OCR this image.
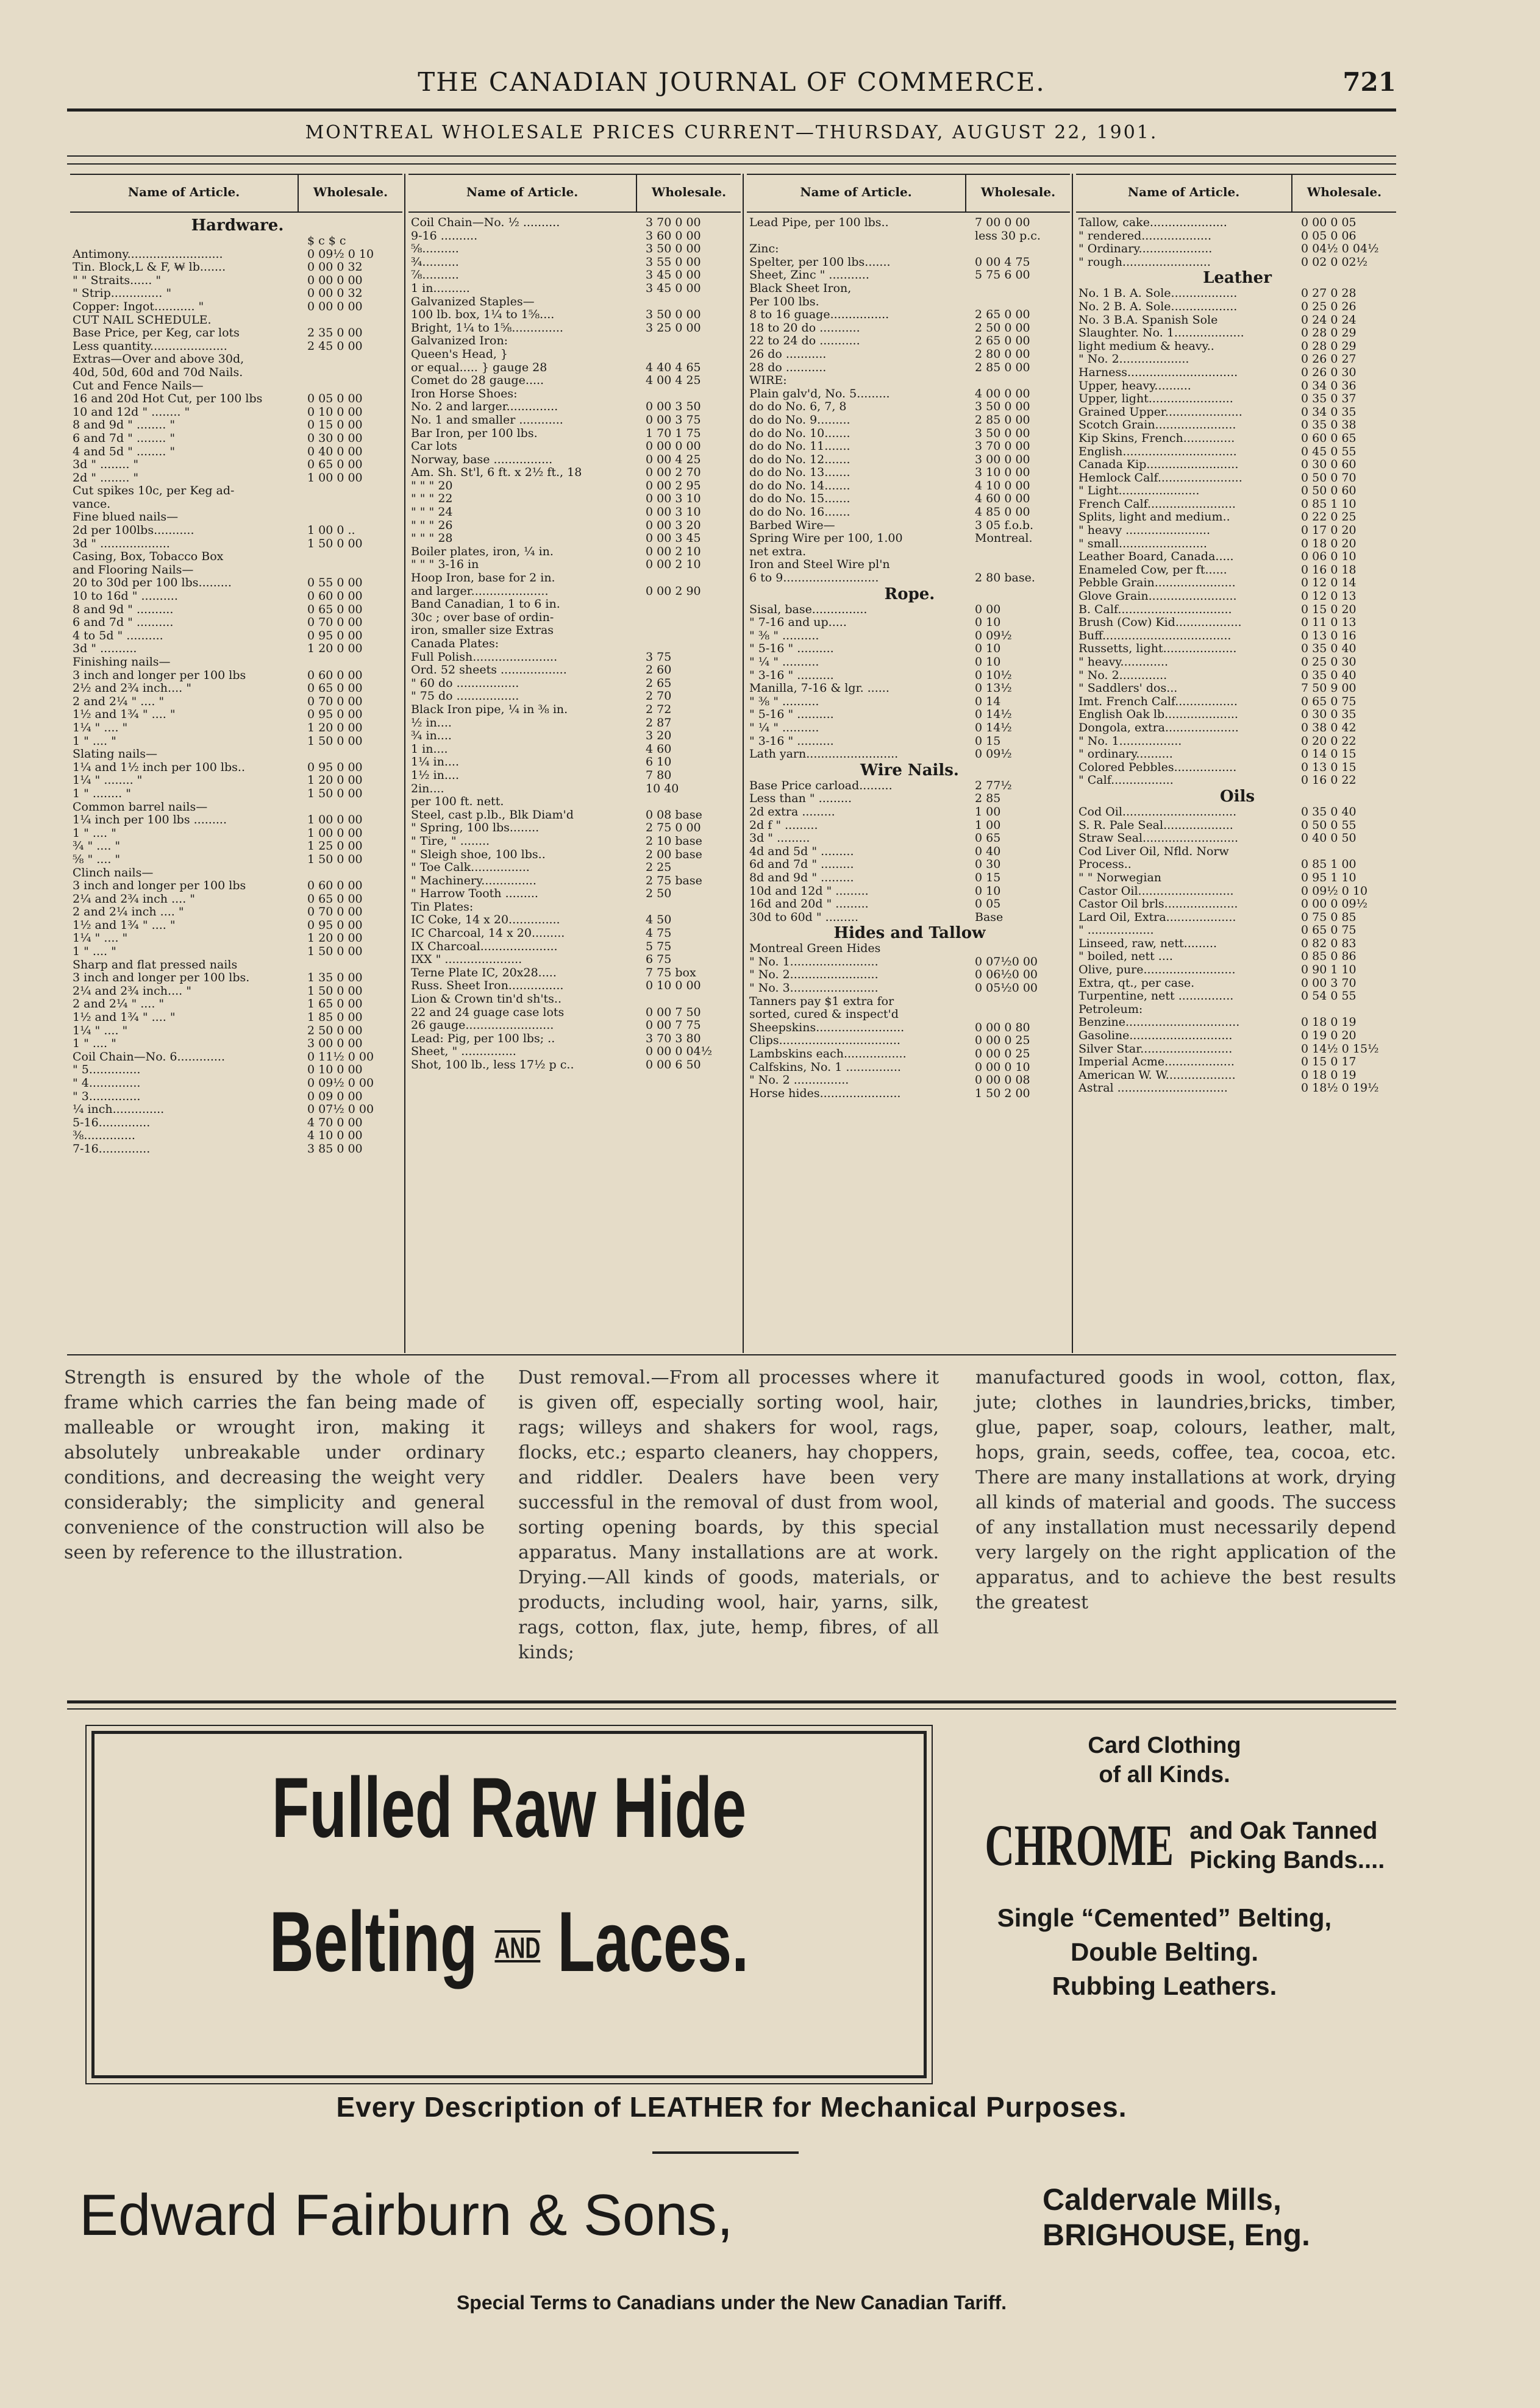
THE CANADIAN JOURNAL OF COMMERCE.	721
MONTREAL WHOLESALE PRICES CURRENT—THURSDAY, AUGUST 22, 1901.
Name of Article.	Wholesale.
Hardware.
$ c $ c
Antimony..........................	0 09½ 0 10
Tin. Block,L & F, ₩ lb.......	0 00 0 32
" " Straits...... "	0 00 0 00
" Strip.............. "	0 00 0 32
Copper: Ingot........... "	0 00 0 00
CUT NAIL SCHEDULE.
Base Price, per Keg, car lots	2 35 0 00
Less quantity.....................	2 45 0 00
Extras—Over and above 30d,
40d, 50d, 60d and 70d Nails.
Cut and Fence Nails—
16 and 20d Hot Cut, per 100 lbs	0 05 0 00
10 and 12d " ........ "	0 10 0 00
8 and 9d " ........ "	0 15 0 00
6 and 7d " ........ "	0 30 0 00
4 and 5d " ........ "	0 40 0 00
3d " ........ "	0 65 0 00
2d " ........ "	1 00 0 00
Cut spikes 10c, per Keg ad-
vance.
Fine blued nails—
2d per 100lbs...........	1 00 0 ..
3d " ...................	1 50 0 00
Casing, Box, Tobacco Box
and Flooring Nails—
20 to 30d per 100 lbs.........	0 55 0 00
10 to 16d " ..........	0 60 0 00
8 and 9d " ..........	0 65 0 00
6 and 7d " ..........	0 70 0 00
4 to 5d " ..........	0 95 0 00
3d " ..........	1 20 0 00
Finishing nails—
3 inch and longer per 100 lbs	0 60 0 00
2½ and 2¾ inch.... "	0 65 0 00
2 and 2¼ " .... "	0 70 0 00
1½ and 1¾ " .... "	0 95 0 00
1¼ " .... "	1 20 0 00
1 " .... "	1 50 0 00
Slating nails—
1¼ and 1½ inch per 100 lbs..	0 95 0 00
1¼ " ........ "	1 20 0 00
1 " ........ "	1 50 0 00
Common barrel nails—
1¼ inch per 100 lbs .........	1 00 0 00
1 " .... "	1 00 0 00
¾ " .... "	1 25 0 00
⅝ " .... "	1 50 0 00
Clinch nails—
3 inch and longer per 100 lbs	0 60 0 00
2¼ and 2¾ inch .... "	0 65 0 00
2 and 2¼ inch .... "	0 70 0 00
1½ and 1¾ " .... "	0 95 0 00
1¼ " .... "	1 20 0 00
1 " .... "	1 50 0 00
Sharp and flat pressed nails
3 inch and longer per 100 lbs.	1 35 0 00
2¼ and 2¾ inch.... "	1 50 0 00
2 and 2¼ " .... "	1 65 0 00
1½ and 1¾ " .... "	1 85 0 00
1¼ " .... "	2 50 0 00
1 " .... "	3 00 0 00
Coil Chain—No. 6.............	0 11½ 0 00
" 5..............	0 10 0 00
" 4..............	0 09½ 0 00
" 3..............	0 09 0 00
¼ inch..............	0 07½ 0 00
5-16..............	4 70 0 00
⅜..............	4 10 0 00
7-16..............	3 85 0 00
Name of Article.	Wholesale.
Coil Chain—No. ½ ..........	3 70 0 00
9-16 ..........	3 60 0 00
⅝..........	3 50 0 00
¾..........	3 55 0 00
⅞..........	3 45 0 00
1 in..........	3 45 0 00
Galvanized Staples—
100 lb. box, 1¼ to 1⅝....	3 50 0 00
Bright, 1¼ to 1⅝..............	3 25 0 00
Galvanized Iron:
Queen's Head, }
or equal..... } gauge 28	4 40 4 65
Comet do 28 gauge.....	4 00 4 25
Iron Horse Shoes:
No. 2 and larger..............	0 00 3 50
No. 1 and smaller ............	0 00 3 75
Bar Iron, per 100 lbs.	1 70 1 75
Car lots	0 00 0 00
Norway, base ................	0 00 4 25
Am. Sh. St'l, 6 ft. x 2½ ft., 18	0 00 2 70
" " " 20	0 00 2 95
" " " 22	0 00 3 10
" " " 24	0 00 3 10
" " " 26	0 00 3 20
" " " 28	0 00 3 45
Boiler plates, iron, ¼ in.	0 00 2 10
" " " 3-16 in	0 00 2 10
Hoop Iron, base for 2 in.
and larger.....................	0 00 2 90
Band Canadian, 1 to 6 in.
30c ; over base of ordin-
iron, smaller size Extras
Canada Plates:
Full Polish.......................	3 75
Ord. 52 sheets ..................	2 60
" 60 do .................	2 65
" 75 do .................	2 70
Black Iron pipe, ¼ in ⅜ in.	2 72
½ in....	2 87
¾ in....	3 20
1 in....	4 60
1¼ in....	6 10
1½ in....	7 80
2in....	10 40
per 100 ft. nett.
Steel, cast p.lb., Blk Diam'd	0 08 base
" Spring, 100 lbs........	2 75 0 00
" Tire, " ........	2 10 base
" Sleigh shoe, 100 lbs..	2 00 base
" Toe Calk................	2 25
" Machinery...............	2 75 base
" Harrow Tooth .........	2 50
Tin Plates:
IC Coke, 14 x 20..............	4 50
IC Charcoal, 14 x 20.........	4 75
IX Charcoal.....................	5 75
IXX " .....................	6 75
Terne Plate IC, 20x28.....	7 75 box
Russ. Sheet Iron...............	0 10 0 00
Lion & Crown tin'd sh'ts..
22 and 24 guage case lots	0 00 7 50
26 gauge........................	0 00 7 75
Lead: Pig, per 100 lbs; ..	3 70 3 80
Sheet, " ...............	0 00 0 04½
Shot, 100 lb., less 17½ p c..	0 00 6 50
Name of Article.	Wholesale.
Lead Pipe, per 100 lbs..	7 00 0 00
less 30 p.c.
Zinc:
Spelter, per 100 lbs.......	0 00 4 75
Sheet, Zinc " ...........	5 75 6 00
Black Sheet Iron,
Per 100 lbs.
8 to 16 guage................	2 65 0 00
18 to 20 do ...........	2 50 0 00
22 to 24 do ...........	2 65 0 00
26 do ...........	2 80 0 00
28 do ...........	2 85 0 00
WIRE:
Plain galv'd, No. 5.........	4 00 0 00
do do No. 6, 7, 8	3 50 0 00
do do No. 9.........	2 85 0 00
do do No. 10.......	3 50 0 00
do do No. 11.......	3 70 0 00
do do No. 12.......	3 00 0 00
do do No. 13.......	3 10 0 00
do do No. 14.......	4 10 0 00
do do No. 15.......	4 60 0 00
do do No. 16.......	4 85 0 00
Barbed Wire—	3 05 f.o.b.
Spring Wire per 100, 1.00	Montreal.
net extra.
Iron and Steel Wire pl'n
6 to 9..........................	2 80 base.
Rope.
Sisal, base...............	0 00
" 7-16 and up.....	0 10
" ⅜ " ..........	0 09½
" 5-16 " ..........	0 10
" ¼ " ..........	0 10
" 3-16 " ..........	0 10½
Manilla, 7-16 & lgr. ......	0 13½
" ⅜ " ..........	0 14
" 5-16 " ..........	0 14½
" ¼ " ..........	0 14½
" 3-16 " ..........	0 15
Lath yarn.........................	0 09½
Wire Nails.
Base Price carload.........	2 77½
Less than " .........	2 85
2d extra .........	1 00
2d f " .........	1 00
3d " .........	0 65
4d and 5d " .........	0 40
6d and 7d " .........	0 30
8d and 9d " .........	0 15
10d and 12d " .........	0 10
16d and 20d " .........	0 05
30d to 60d " .........	Base
Hides and Tallow
Montreal Green Hides
" No. 1........................	0 07½0 00
" No. 2........................	0 06½0 00
" No. 3........................	0 05½0 00
Tanners pay $1 extra for
sorted, cured & inspect'd
Sheepskins........................	0 00 0 80
Clips.................................	0 00 0 25
Lambskins each.................	0 00 0 25
Calfskins, No. 1 ...............	0 00 0 10
" No. 2 ...............	0 00 0 08
Horse hides......................	1 50 2 00
Name of Article.	Wholesale.
Tallow, cake.....................	0 00 0 05
" rendered...................	0 05 0 06
" Ordinary....................	0 04½ 0 04½
" rough........................	0 02 0 02½
Leather
No. 1 B. A. Sole..................	0 27 0 28
No. 2 B. A. Sole..................	0 25 0 26
No. 3 B.A. Spanish Sole	0 24 0 24
Slaughter. No. 1...................	0 28 0 29
light medium & heavy..	0 28 0 29
" No. 2...................	0 26 0 27
Harness..............................	0 26 0 30
Upper, heavy..........	0 34 0 36
Upper, light.......................	0 35 0 37
Grained Upper.....................	0 34 0 35
Scotch Grain......................	0 35 0 38
Kip Skins, French..............	0 60 0 65
English...............................	0 45 0 55
Canada Kip.........................	0 30 0 60
Hemlock Calf.......................	0 50 0 70
" Light......................	0 50 0 60
French Calf........................	0 85 1 10
Splits, light and medium..	0 22 0 25
" heavy .......................	0 17 0 20
" small........................	0 18 0 20
Leather Board, Canada.....	0 06 0 10
Enameled Cow, per ft......	0 16 0 18
Pebble Grain......................	0 12 0 14
Glove Grain........................	0 12 0 13
B. Calf...............................	0 15 0 20
Brush (Cow) Kid..................	0 11 0 13
Buff...................................	0 13 0 16
Russetts, light....................	0 35 0 40
" heavy.............	0 25 0 30
" No. 2.............	0 35 0 40
" Saddlers' dos...	7 50 9 00
Imt. French Calf.................	0 65 0 75
English Oak lb....................	0 30 0 35
Dongola, extra....................	0 38 0 42
" No. 1.................	0 20 0 22
" ordinary..........	0 14 0 15
Colored Pebbles.................	0 13 0 15
" Calf.................	0 16 0 22
Oils
Cod Oil...............................	0 35 0 40
S. R. Pale Seal...................	0 50 0 55
Straw Seal..........................	0 40 0 50
Cod Liver Oil, Nfld. Norw
Process..	0 85 1 00
" " Norwegian	0 95 1 10
Castor Oil..........................	0 09½ 0 10
Castor Oil brls....................	0 00 0 09½
Lard Oil, Extra...................	0 75 0 85
" ..................	0 65 0 75
Linseed, raw, nett.........	0 82 0 83
" boiled, nett ....	0 85 0 86
Olive, pure.........................	0 90 1 10
Extra, qt., per case.	0 00 3 70
Turpentine, nett ...............	0 54 0 55
Petroleum:
Benzine...............................	0 18 0 19
Gasoline............................	0 19 0 20
Silver Star.........................	0 14½ 0 15½
Imperial Acme...................	0 15 0 17
American W. W...................	0 18 0 19
Astral ..............................	0 18½ 0 19½
Strength is ensured by the whole of the frame which carries the fan being made of malleable or wrought iron, making it absolutely unbreakable under ordinary conditions, and decreasing the weight very considerably; the simplicity and general convenience of the construction will also be seen by reference to the illustration.
Dust removal.—From all processes where it is given off, especially sorting wool, hair, rags; willeys and shakers for wool, rags, flocks, etc.; esparto cleaners, hay choppers, and riddler. Dealers have been very successful in the removal of dust from wool, sorting opening boards, by this special apparatus. Many installations are at work. Drying.—All kinds of goods, materials, or products, including wool, hair, yarns, silk, rags, cotton, flax, jute, hemp, fibres, of all kinds;
manufactured goods in wool, cotton, flax, jute; clothes in laundries,bricks, timber, glue, paper, soap, colours, leather, malt, hops, grain, seeds, coffee, tea, cocoa, etc. There are many installations at work, drying all kinds of material and goods. The success of any installation must necessarily depend very largely on the right application of the apparatus, and to achieve the best results the greatest
Fulled Raw Hide
Belting AND Laces.
Card Clothing
of all Kinds.
CHROME and Oak Tanned
Picking Bands....
Single “Cemented” Belting,
Double Belting.
Rubbing Leathers.
Every Description of LEATHER for Mechanical Purposes.
Edward Fairburn & Sons,	Caldervale Mills,
BRIGHOUSE, Eng.
Special Terms to Canadians under the New Canadian Tariff.
